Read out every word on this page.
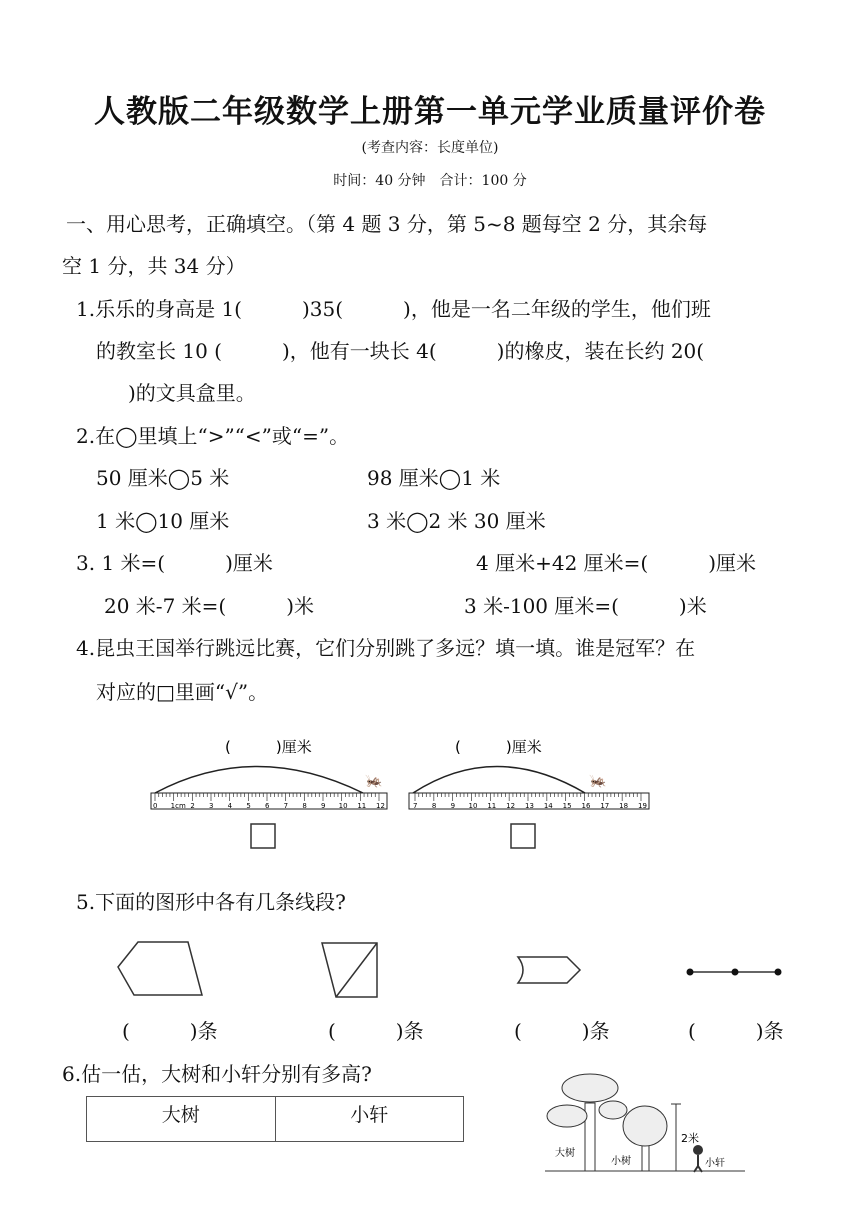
人教版二年级数学上册第一单元学业质量评价卷
(考查内容：长度单位)
时间：40 分钟　合计：100 分
一、用心思考，正确填空。（第 4 题 3 分，第 5~8 题每空 2 分，其余每
空 1 分，共 34 分）
1.乐乐的身高是 1(　　　)35(　　　)，他是一名二年级的学生，他们班
的教室长 10 (　　　)，他有一块长 4(　　　)的橡皮，装在长约 20(
)的文具盒里。
2.在◯里填上“>”“<”或“=”。
50 厘米◯5 米	98 厘米◯1 米
1 米◯10 厘米	3 米◯2 米 30 厘米
3. 1 米=(　　　)厘米	4 厘米+42 厘米=(　　　)厘米
20 米-7 米=(　　　)米	3 米-100 厘米=(　　　)米
4.昆虫王国举行跳远比赛，它们分别跳了多远？填一填。谁是冠军？在
对应的□里画“√”。
(　　　)厘米
0 1cm 2 3 4 5 6 7 8 9 10 11 12
🦗
(　　　)厘米
7 8 9 10 11 12 13 14 15 16 17 18 19
🦗
5.下面的图形中各有几条线段?
(　　　)条	(　　　)条	(　　　)条	(　　　)条
6.估一估，大树和小轩分别有多高?
大树	小轩
大树
小树
2米
小轩
